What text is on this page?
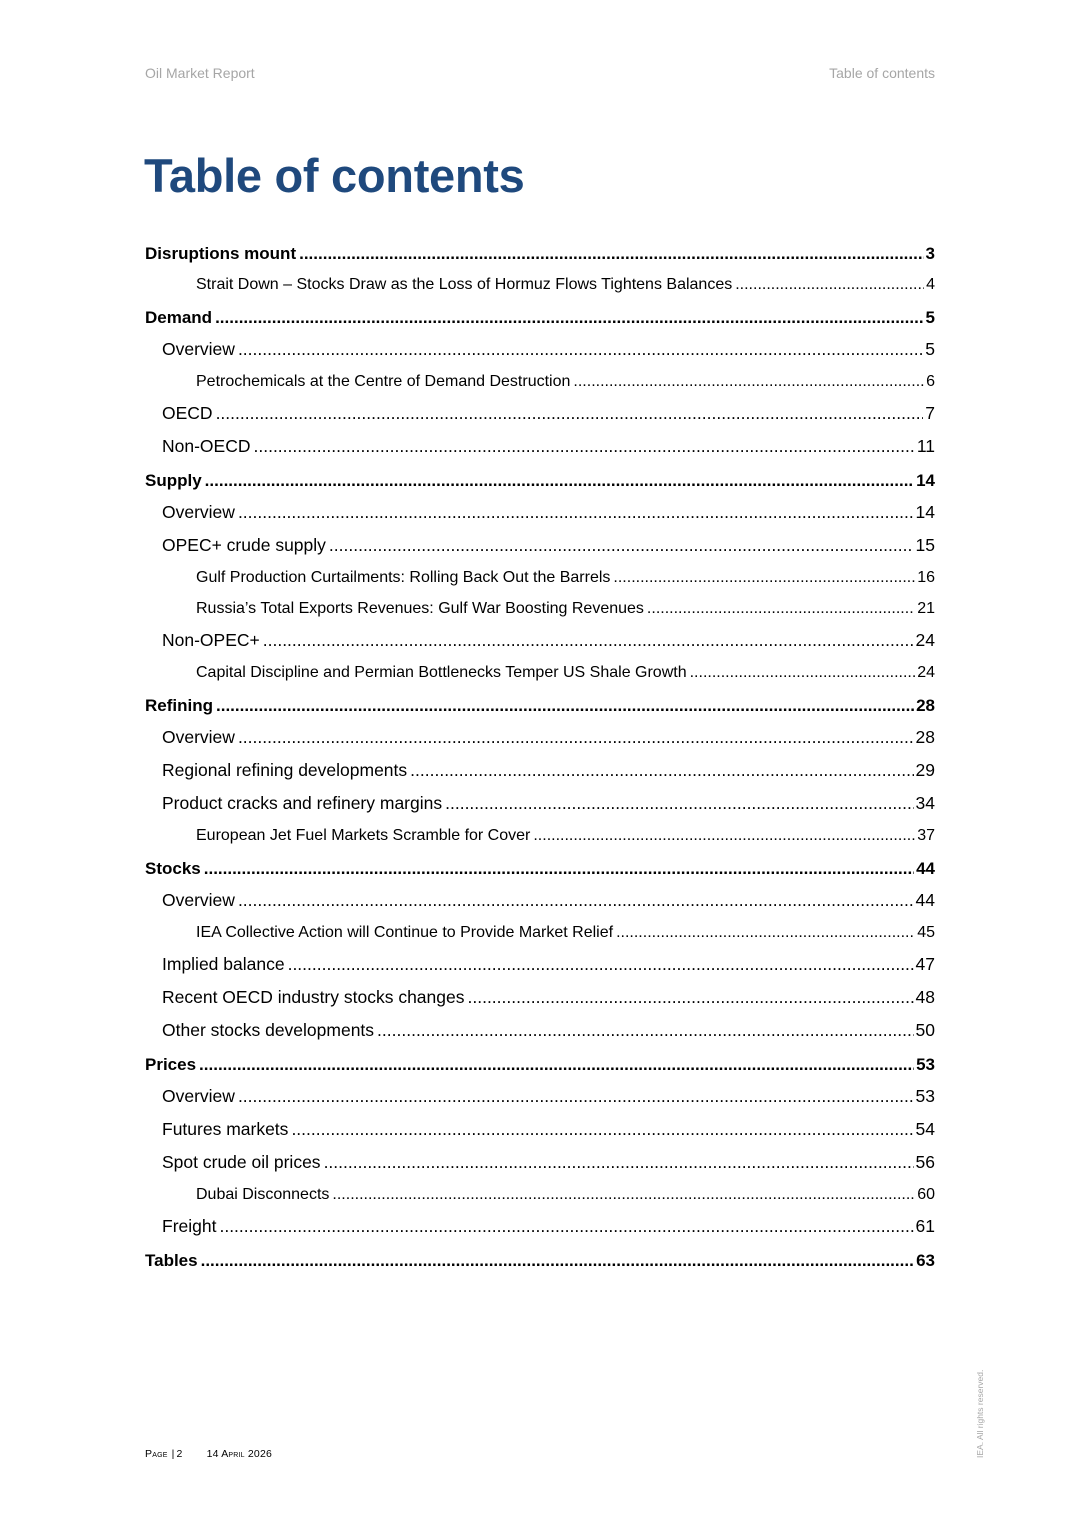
Oil Market Report	Table of contents
Table of contents
Disruptions mount .....	3
Strait Down – Stocks Draw as the Loss of Hormuz Flows Tightens Balances .....	4
Demand .....	5
Overview .....	5
Petrochemicals at the Centre of Demand Destruction .....	6
OECD .....	7
Non-OECD .....	11
Supply .....	14
Overview .....	14
OPEC+ crude supply .....	15
Gulf Production Curtailments: Rolling Back Out the Barrels .....	16
Russia’s Total Exports Revenues: Gulf War Boosting Revenues .....	21
Non-OPEC+ .....	24
Capital Discipline and Permian Bottlenecks Temper US Shale Growth .....	24
Refining .....	28
Overview .....	28
Regional refining developments .....	29
Product cracks and refinery margins .....	34
European Jet Fuel Markets Scramble for Cover .....	37
Stocks .....	44
Overview .....	44
IEA Collective Action will Continue to Provide Market Relief .....	45
Implied balance .....	47
Recent OECD industry stocks changes .....	48
Other stocks developments .....	50
Prices .....	53
Overview .....	53
Futures markets .....	54
Spot crude oil prices .....	56
Dubai Disconnects .....	60
Freight .....	61
Tables .....	63
Page | 2 14 April 2026	IEA. All rights reserved.
